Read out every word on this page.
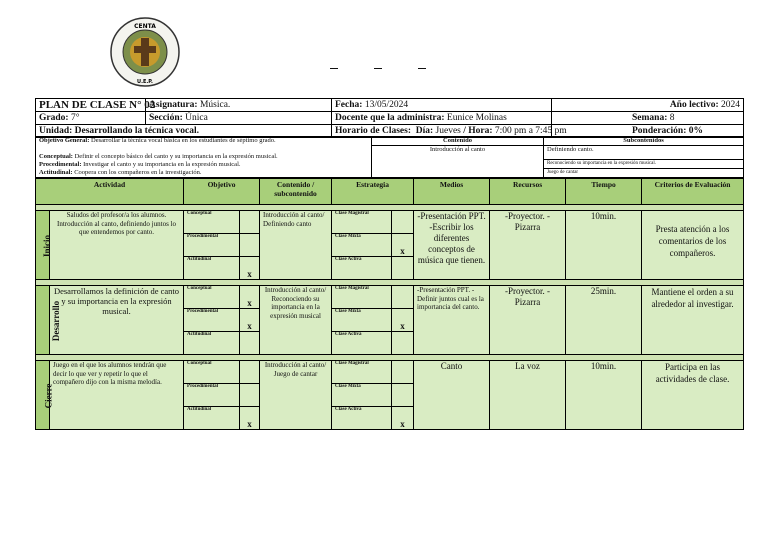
CENTA
U.E.P.
PLAN DE CLASE N° 02	Asignatura: Música.	Fecha: 13/05/2024	Año lectivo: 2024
Grado: 7°	Sección: Única	Docente que la administra: Eunice Molinas	Semana: 8
Unidad: Desarrollando la técnica vocal.		Horario de Clases: Día: Jueves / Hora: 7:00 pm a 7:45 pm	Ponderación: 0%
Objetivo General: Desarrollar la técnica vocal básica en los estudiantes de séptimo grado.
Conceptual: Definir el concepto básico del canto y su importancia en la expresión musical.
Procedimental: Investigar el canto y su importancia en la expresión musical.
Actitudinal: Coopera con los compañeros en la investigación.	Contenido	Subcontenidos
	Introducción al canto	Definiendo canto.
		Reconociendo su importancia en la expresión musical.
		Juego de cantar
Actividad		Objetivo		Contenido / subcontenido	Estrategia		Medios	Recursos	Tiempo	Criterios de Evaluación

Inicio	Saludos del profesor/a los alumnos. Introducción al canto, definiendo juntos lo que entendemos por canto.	Conceptual		Introducción al canto/ Definiendo canto	Clase Magistral		-Presentación PPT. -Escribir los diferentes conceptos de música que tienen.	-Proyector. -Pizarra	10min.	Presta atención a los comentarios de los compañeros.
		Procedimental			Clase Mixta	x				
		Actitudinal	x		Clase Activa					

Desarrollo	Desarrollamos la definición de canto y su importancia en la expresión musical.	Conceptual	x	Introducción al canto/ Reconociendo su importancia en la expresión musical	Clase Magistral		-Presentación PPT. -Definir juntos cual es la importancia del canto.	-Proyector. -Pizarra	25min.	Mantiene el orden a su alrededor al investigar.
		Procedimental	x		Clase Mixta	x				
		Actitudinal			Clase Activa					

Cierre	Juego en el que los alumnos tendrán que decir lo que ver y repetir lo que el compañero dijo con la misma melodía.	Conceptual		Introducción al canto/ Juego de cantar	Clase Magistral		Canto	La voz	10min.	Participa en las actividades de clase.
		Procedimental			Clase Mixta					
		Actitudinal	x		Clase Activa	x				
